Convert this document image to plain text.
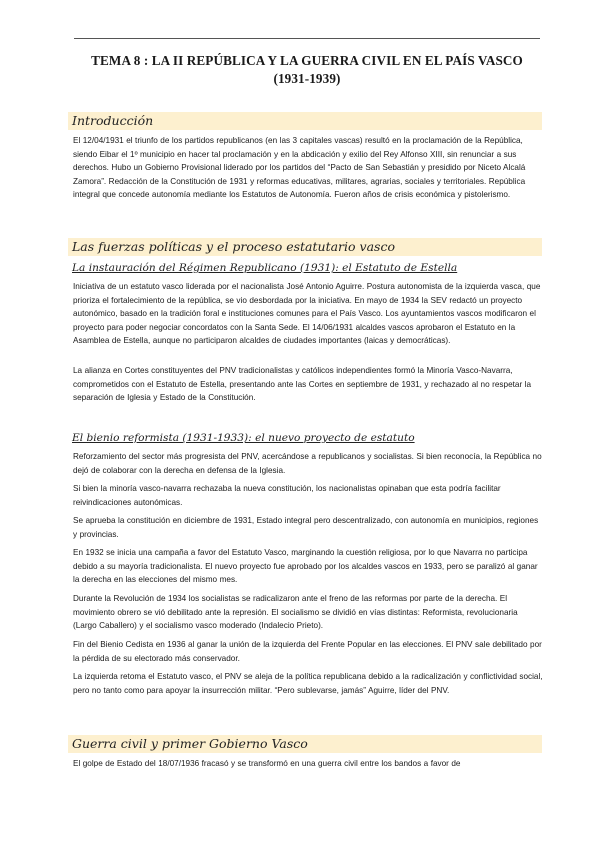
TEMA 8 : LA II REPÚBLICA Y LA GUERRA CIVIL EN EL PAÍS VASCO (1931-1939)
Introducción
El 12/04/1931 el triunfo de los partidos republicanos (en las 3 capitales vascas) resultó en la proclamación de la República, siendo Eibar el 1º municipio en hacer tal proclamación y en la abdicación y exilio del Rey Alfonso XIII, sin renunciar a sus derechos. Hubo un Gobierno Provisional liderado por los partidos del “Pacto de San Sebastián y presidido por Niceto Alcalá Zamora”. Redacción de la Constitución de 1931 y reformas educativas, militares, agrarias, sociales y territoriales. República integral que concede autonomía mediante los Estatutos de Autonomía. Fueron años de crisis económica y pistolerismo.
Las fuerzas políticas y el proceso estatutario vasco
La instauración del Régimen Republicano (1931): el Estatuto de Estella
Iniciativa de un estatuto vasco liderada por el nacionalista José Antonio Aguirre. Postura autonomista de la izquierda vasca, que prioriza el fortalecimiento de la república, se vio desbordada por la iniciativa. En mayo de 1934 la SEV redactó un proyecto autonómico, basado en la tradición foral e instituciones comunes para el País Vasco. Los ayuntamientos vascos modificaron el proyecto para poder negociar concordatos con la Santa Sede. El 14/06/1931 alcaldes vascos aprobaron el Estatuto en la Asamblea de Estella, aunque no participaron alcaldes de ciudades importantes (laicas y democráticas).
La alianza en Cortes constituyentes del PNV tradicionalistas y católicos independientes formó la Minoría Vasco-Navarra, comprometidos con el Estatuto de Estella, presentando ante las Cortes en septiembre de 1931, y rechazado al no respetar la separación de Iglesia y Estado de la Constitución.
El bienio reformista (1931-1933): el nuevo proyecto de estatuto
Reforzamiento del sector más progresista del PNV, acercándose a republicanos y socialistas. Si bien reconocía, la República no dejó de colaborar con la derecha en defensa de la Iglesia.
Si bien la minoría vasco-navarra rechazaba la nueva constitución, los nacionalistas opinaban que esta podría facilitar reivindicaciones autonómicas.
Se aprueba la constitución en diciembre de 1931, Estado integral pero descentralizado, con autonomía en municipios, regiones y provincias.
En 1932 se inicia una campaña a favor del Estatuto Vasco, marginando la cuestión religiosa, por lo que Navarra no participa debido a su mayoría tradicionalista. El nuevo proyecto fue aprobado por los alcaldes vascos en 1933, pero se paralizó al ganar la derecha en las elecciones del mismo mes.
Durante la Revolución de 1934 los socialistas se radicalizaron ante el freno de las reformas por parte de la derecha. El movimiento obrero se vió debilitado ante la represión. El socialismo se dividió en vías distintas: Reformista, revolucionaria (Largo Caballero) y el socialismo vasco moderado (Indalecio Prieto).
Fin del Bienio Cedista en 1936 al ganar la unión de la izquierda del Frente Popular en las elecciones. El PNV sale debilitado por la pérdida de su electorado más conservador.
La izquierda retoma el Estatuto vasco, el PNV se aleja de la política republicana debido a la radicalización y conflictividad social, pero no tanto como para apoyar la insurrección militar. “Pero sublevarse, jamás” Aguirre, líder del PNV.
Guerra civil y primer Gobierno Vasco
El golpe de Estado del 18/07/1936 fracasó y se transformó en una guerra civil entre los bandos a favor de
